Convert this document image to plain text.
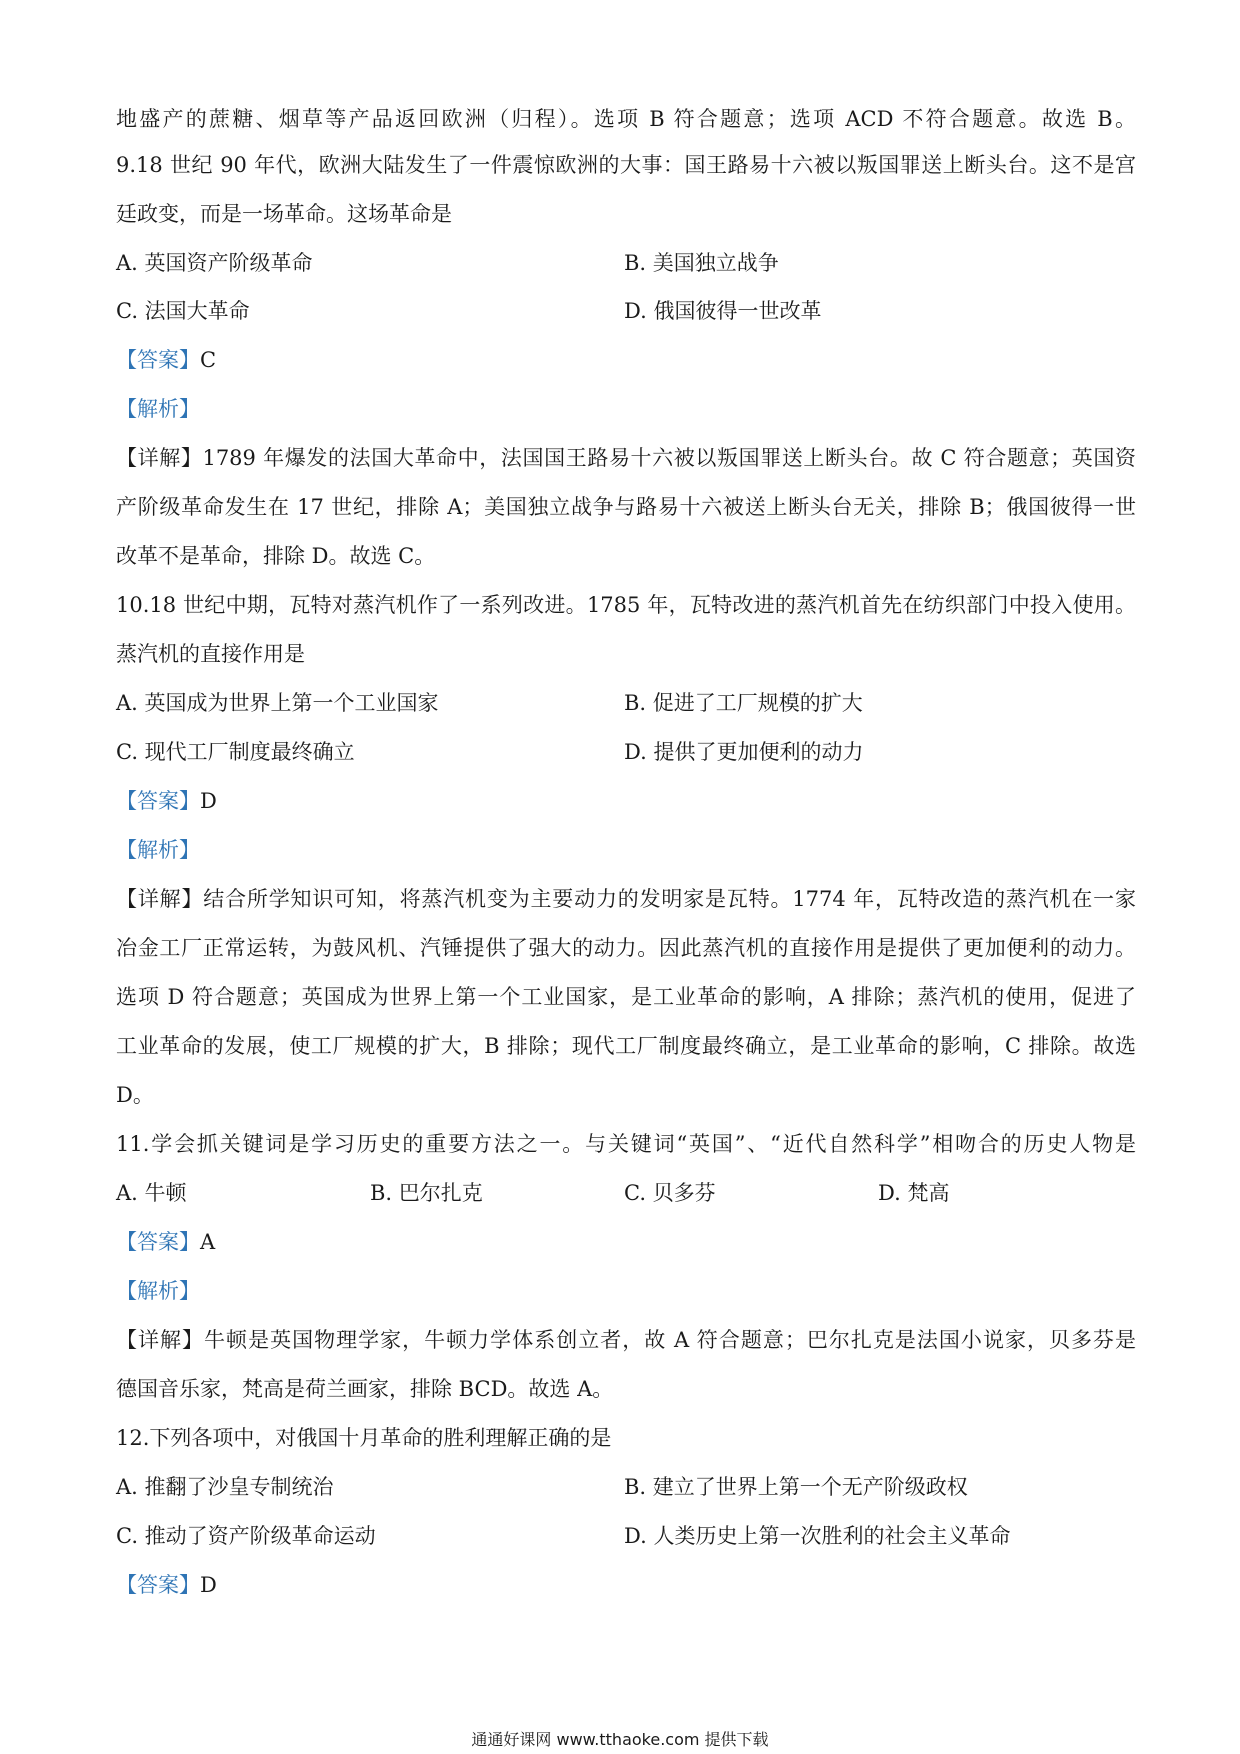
地盛产的蔗糖、烟草等产品返回欧洲（归程）。选项 B 符合题意；选项 ACD 不符合题意。故选 B。
9.18 世纪 90 年代，欧洲大陆发生了一件震惊欧洲的大事：国王路易十六被以叛国罪送上断头台。这不是宫
廷政变，而是一场革命。这场革命是
A. 英国资产阶级革命	B. 美国独立战争
C. 法国大革命	D. 俄国彼得一世改革
【答案】C
【解析】
【详解】1789 年爆发的法国大革命中，法国国王路易十六被以叛国罪送上断头台。故 C 符合题意；英国资
产阶级革命发生在 17 世纪，排除 A；美国独立战争与路易十六被送上断头台无关，排除 B；俄国彼得一世
改革不是革命，排除 D。故选 C。
10.18 世纪中期，瓦特对蒸汽机作了一系列改进。1785 年，瓦特改进的蒸汽机首先在纺织部门中投入使用。
蒸汽机的直接作用是
A. 英国成为世界上第一个工业国家	B. 促进了工厂规模的扩大
C. 现代工厂制度最终确立	D. 提供了更加便利的动力
【答案】D
【解析】
【详解】结合所学知识可知，将蒸汽机变为主要动力的发明家是瓦特。1774 年，瓦特改造的蒸汽机在一家
冶金工厂正常运转，为鼓风机、汽锤提供了强大的动力。因此蒸汽机的直接作用是提供了更加便利的动力。
选项 D 符合题意；英国成为世界上第一个工业国家，是工业革命的影响，A 排除；蒸汽机的使用，促进了
工业革命的发展，使工厂规模的扩大，B 排除；现代工厂制度最终确立，是工业革命的影响，C 排除。故选
D。
11.学会抓关键词是学习历史的重要方法之一。与关键词“英国”、“近代自然科学”相吻合的历史人物是
A. 牛顿	B. 巴尔扎克	C. 贝多芬	D. 梵高
【答案】A
【解析】
【详解】牛顿是英国物理学家，牛顿力学体系创立者，故 A 符合题意；巴尔扎克是法国小说家，贝多芬是
德国音乐家，梵高是荷兰画家，排除 BCD。故选 A。
12.下列各项中，对俄国十月革命的胜利理解正确的是
A. 推翻了沙皇专制统治	B. 建立了世界上第一个无产阶级政权
C. 推动了资产阶级革命运动	D. 人类历史上第一次胜利的社会主义革命
【答案】D
通通好课网 www.tthaoke.com 提供下载
